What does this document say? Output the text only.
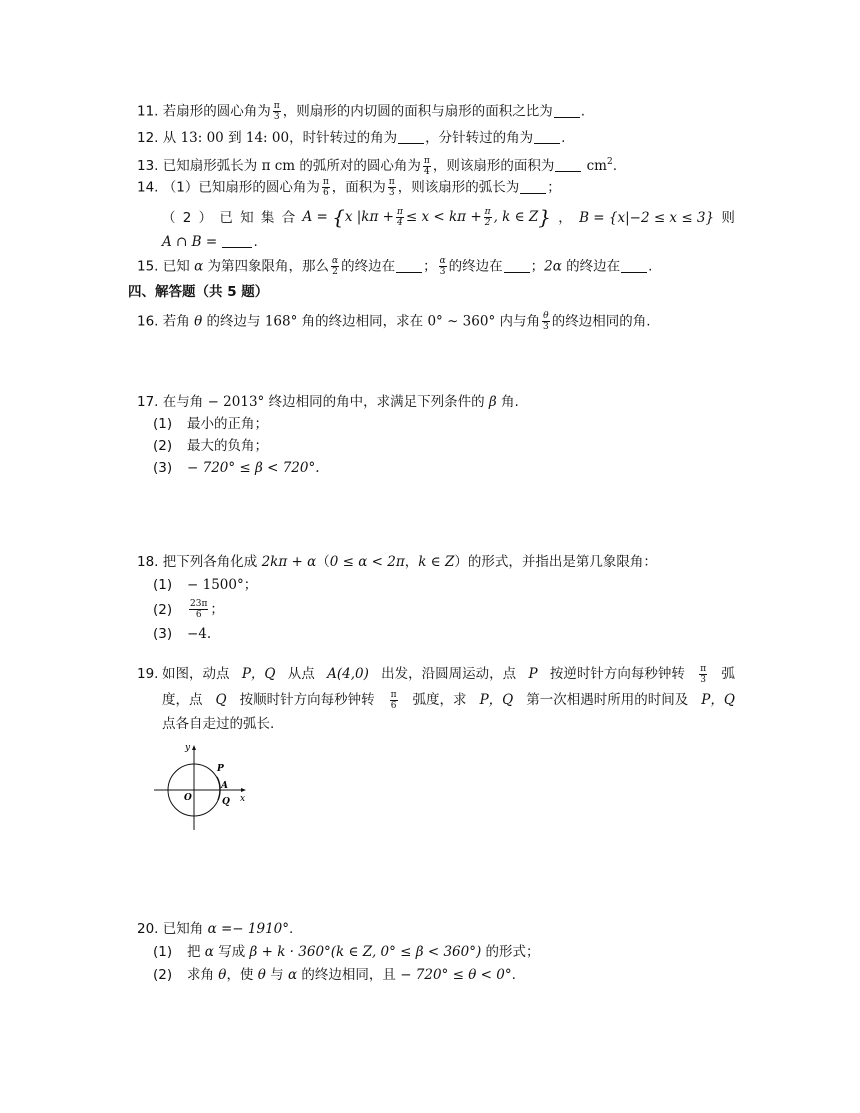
11. 若扇形的圆心角为 $\frac{\pi}{3}$ ，则扇形的内切圆的面积与扇形的面积之比为 .
12. 从 13: 00 到 14: 00，时针转过的角为 ，分针转过的角为 .
13. 已知扇形弧长为 π cm 的弧所对的圆心角为 $\frac{\pi}{4}$ ，则该扇形的面积为 $cm^2$.
14. （1）已知扇形的圆心角为 $\frac{\pi}{6}$ ，面积为 $\frac{\pi}{3}$ ，则该扇形的弧长为 ；
（ 2 ） 已 知 集 合 A = {x $|k\pi + \frac{\pi}{4} \le x < k\pi + \frac{\pi}{2}$ , k ∈ Z} ， B = {x|−2 ≤ x ≤ 3} 则
A ∩ B =	.
15. 已知 α 为第四象限角，那么 $\frac{\alpha}{2}$ 的终边在 ； $\frac{\alpha}{3}$ 的终边在 ；2α 的终边在 .
四、解答题（共 5 题）
16. 若角 θ 的终边与 168° 角的终边相同，求在 0° ∼ 360° 内与角 $\frac{\theta}{3}$ 的终边相同的角.
17. 在与角 − 2013° 终边相同的角中，求满足下列条件的 β 角.
(1) 最小的正角；
(2) 最大的负角；
(3) − 720° ≤ β < 720°.
18. 把下列各角化成 2kπ + α（0 ≤ α < 2π，k ∈ Z）的形式，并指出是第几象限角：
(1) − 1500°；
$(2) \frac{23\pi}{6}$ ；
(3) −4.
19. 如图，动点 P，Q 从点 A(4,0) 出发，沿圆周运动，点 P 按逆时针方向每秒钟转 $\frac{\pi}{3}$ 弧
度，点 Q 按顺时针方向每秒钟转 $\frac{\pi}{6}$ 弧度，求 P，Q 第一次相遇时所用的时间及 P，Q
点各自走过的弧长.
y
x
O
P
A
Q
20. 已知角 α =− 1910°.
(1) 把 α 写成 β + k · 360°(k ∈ Z, 0° ≤ β < 360°) 的形式；
(2) 求角 θ，使 θ 与 α 的终边相同，且 − 720° ≤ θ < 0°.
